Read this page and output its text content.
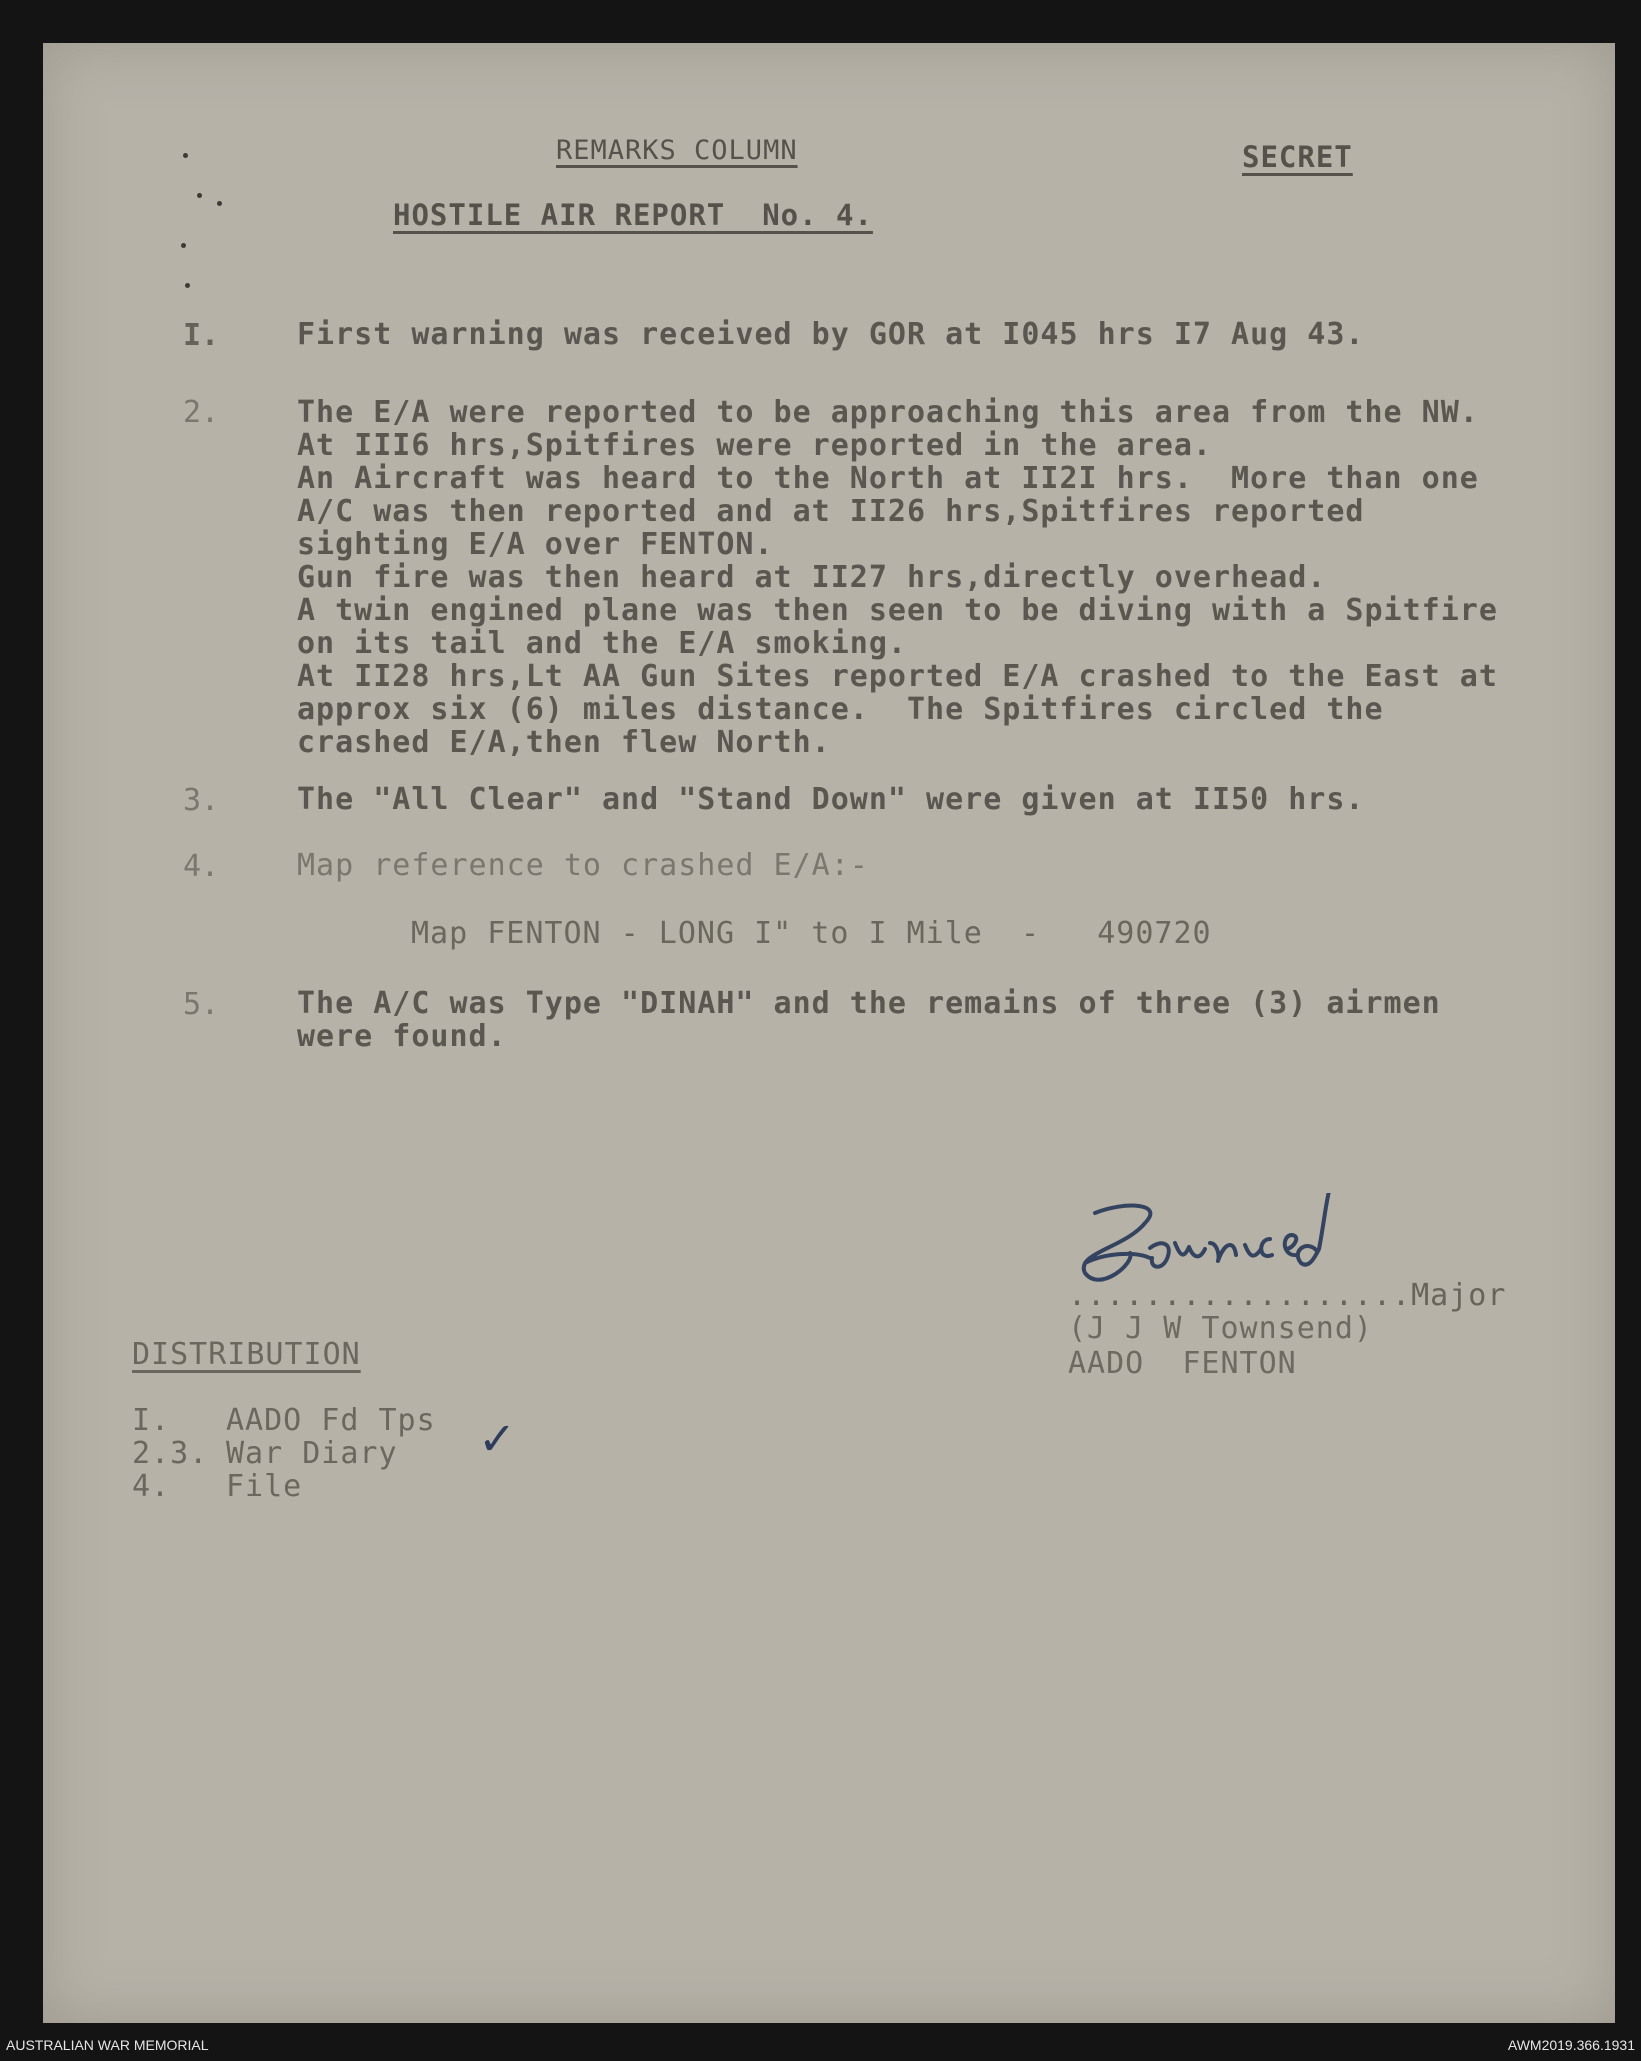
REMARKS COLUMN	SECRET
HOSTILE AIR REPORT  No. 4.
I.	First warning was received by GOR at I045 hrs I7 Aug 43.
2.	The E/A were reported to be approaching this area from the NW.
At III6 hrs,Spitfires were reported in the area.
An Aircraft was heard to the North at II2I hrs.  More than one
A/C was then reported and at II26 hrs,Spitfires reported
sighting E/A over FENTON.
Gun fire was then heard at II27 hrs,directly overhead.
A twin engined plane was then seen to be diving with a Spitfire
on its tail and the E/A smoking.
At II28 hrs,Lt AA Gun Sites reported E/A crashed to the East at
approx six (6) miles distance.  The Spitfires circled the
crashed E/A,then flew North.
3.	The "All Clear" and "Stand Down" were given at II50 hrs.
4.	Map reference to crashed E/A:-
Map FENTON - LONG I" to I Mile  -   490720
5.	The A/C was Type "DINAH" and the remains of three (3) airmen
were found.
..................Major
(J J W Townsend)
AADO  FENTON
DISTRIBUTION
I. AADO Fd Tps
2.3. War Diary
4. File
✓
AUSTRALIAN WAR MEMORIAL	AWM2019.366.1931
